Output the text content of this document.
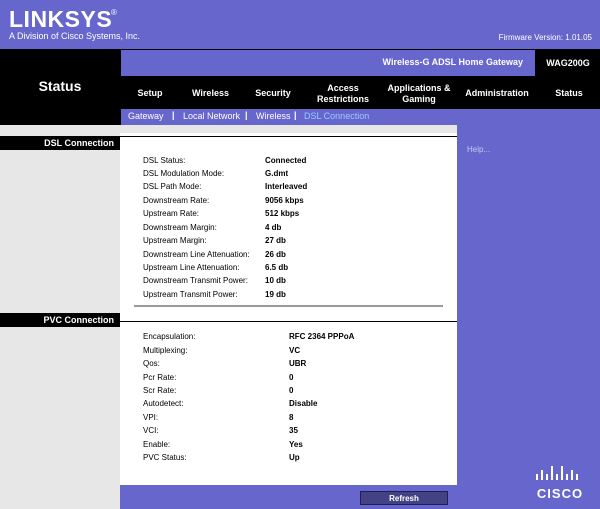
LINKSYS
®
A Division of Cisco Systems, Inc.	Firmware Version: 1.01.05
Status
Wireless-G ADSL Home Gateway	WAG200G
Setup	Wireless	Security
Access Restrictions
Applications & Gaming
Administration	Status
Gateway | Local Network | Wireless | DSL Connection
DSL Connection
PVC Connection
DSL Status:	Connected
DSL Modulation Mode:	G.dmt
DSL Path Mode:	Interleaved
Downstream Rate:	9056 kbps
Upstream Rate:	512 kbps
Downstream Margin:	4 db
Upstream Margin:	27 db
Downstream Line Attenuation: 26 db
Upstream Line Attenuation:	6.5 db
Downstream Transmit Power: 10 db
Upstream Transmit Power:	19 db
Encapsulation:	RFC 2364 PPPoA
Multiplexing:	VC
Qos:	UBR
Pcr Rate:	0
Scr Rate:	0
Autodetect:	Disable
VPI:	8
VCI:	35
Enable:	Yes
PVC Status:	Up
Help...
Refresh	CISCO
